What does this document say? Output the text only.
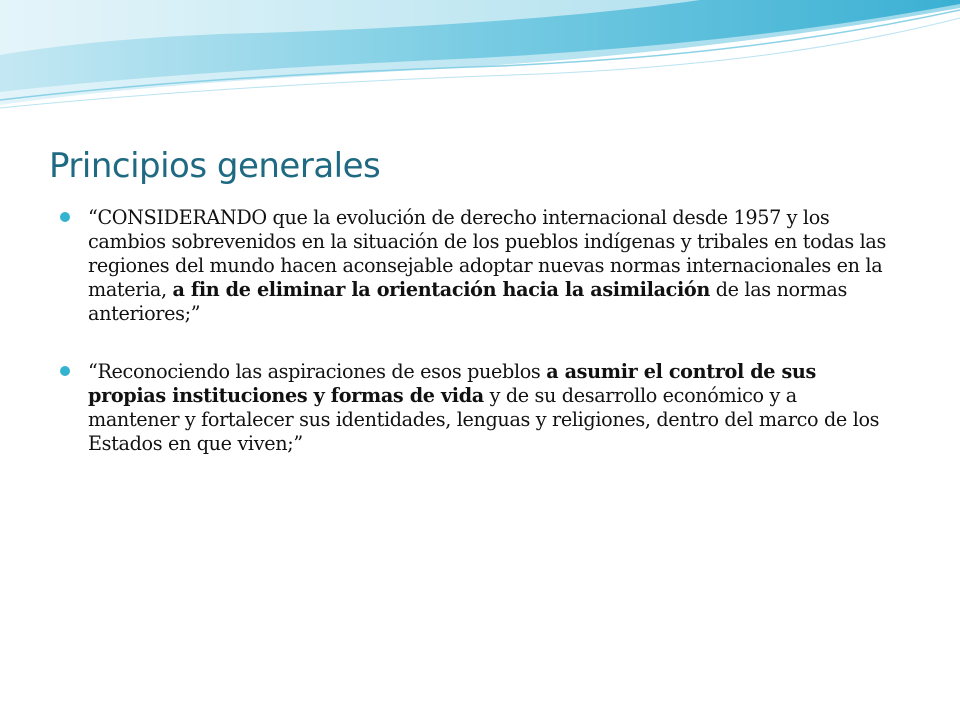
Principios generales
“CONSIDERANDO que la evolución de derecho internacional desde 1957 y los cambios sobrevenidos en la situación de los pueblos indígenas y tribales en todas las regiones del mundo hacen aconsejable adoptar nuevas normas internacionales en la materia, a fin de eliminar la orientación hacia la asimilación de las normas anteriores;”
“Reconociendo las aspiraciones de esos pueblos a asumir el control de sus propias instituciones y formas de vida y de su desarrollo económico y a mantener y fortalecer sus identidades, lenguas y religiones, dentro del marco de los Estados en que viven;”
